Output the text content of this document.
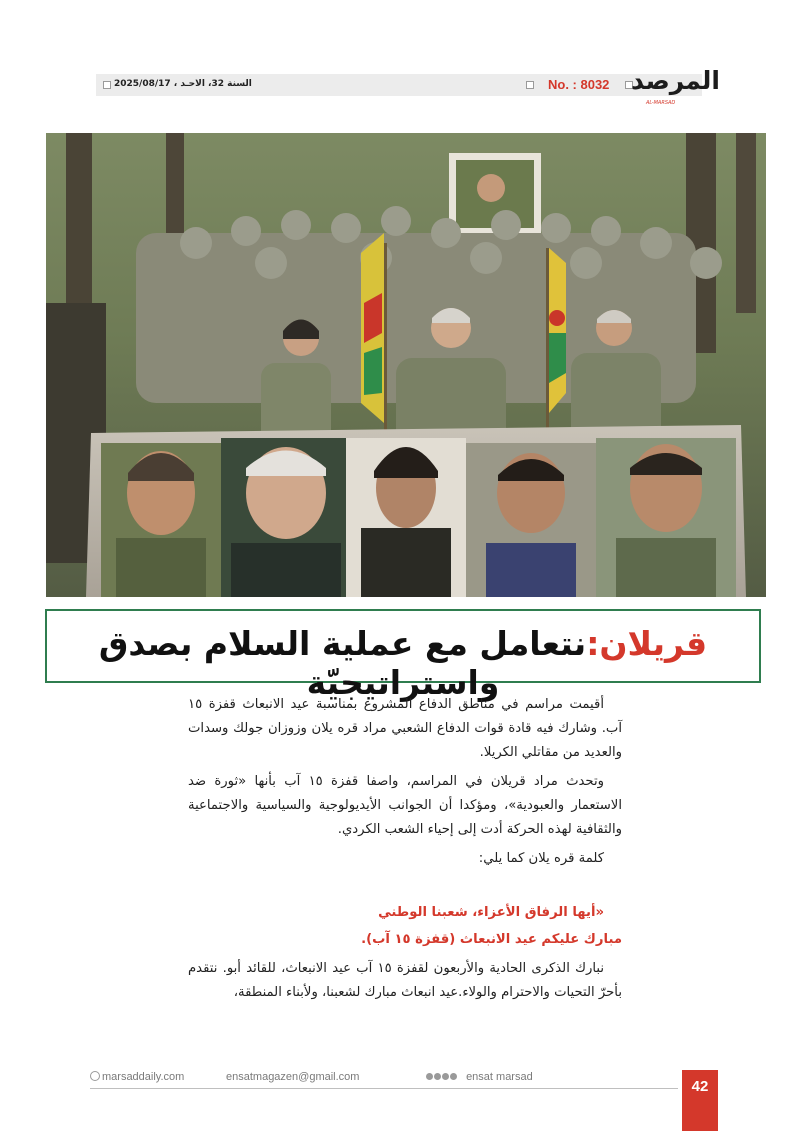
السنة 32، الاحـد ، 2025/08/17	No. : 8032 المرصد
AL-MARSAD
قريلان:نتعامل مع عملية السلام بصدق واستراتيجيّة

أقيمت مراسم في مناطق الدفاع المشروع بمناسبة عيد الانبعاث قفزة ١٥ آب. وشارك فيه قادة قوات الدفاع الشعبي مراد قره يلان وزوزان جولك وسدات والعديد من مقاتلي الكريلا.

وتحدث مراد قريلان في المراسم، واصفا قفزة ١٥ آب بأنها «ثورة ضد الاستعمار والعبودية»، ومؤكدا أن الجوانب الأيديولوجية والسياسية والاجتماعية والثقافية لهذه الحركة أدت إلى إحياء الشعب الكردي.

كلمة قره يلان كما يلي:

«أيها الرفاق الأعزاء، شعبنا الوطني

مبارك عليكم عيد الانبعاث (قفزة ١٥ آب).

نبارك الذكرى الحادية والأربعون لقفزة ١٥ آب عيد الانبعاث، للقائد أبو. نتقدم بأحرّ التحيات والاحترام والولاء.عيد انبعاث مبارك لشعبنا، ولأبناء المنطقة،

marsaddaily.com	ensatmagazen@gmail.com	ensat marsad
42
